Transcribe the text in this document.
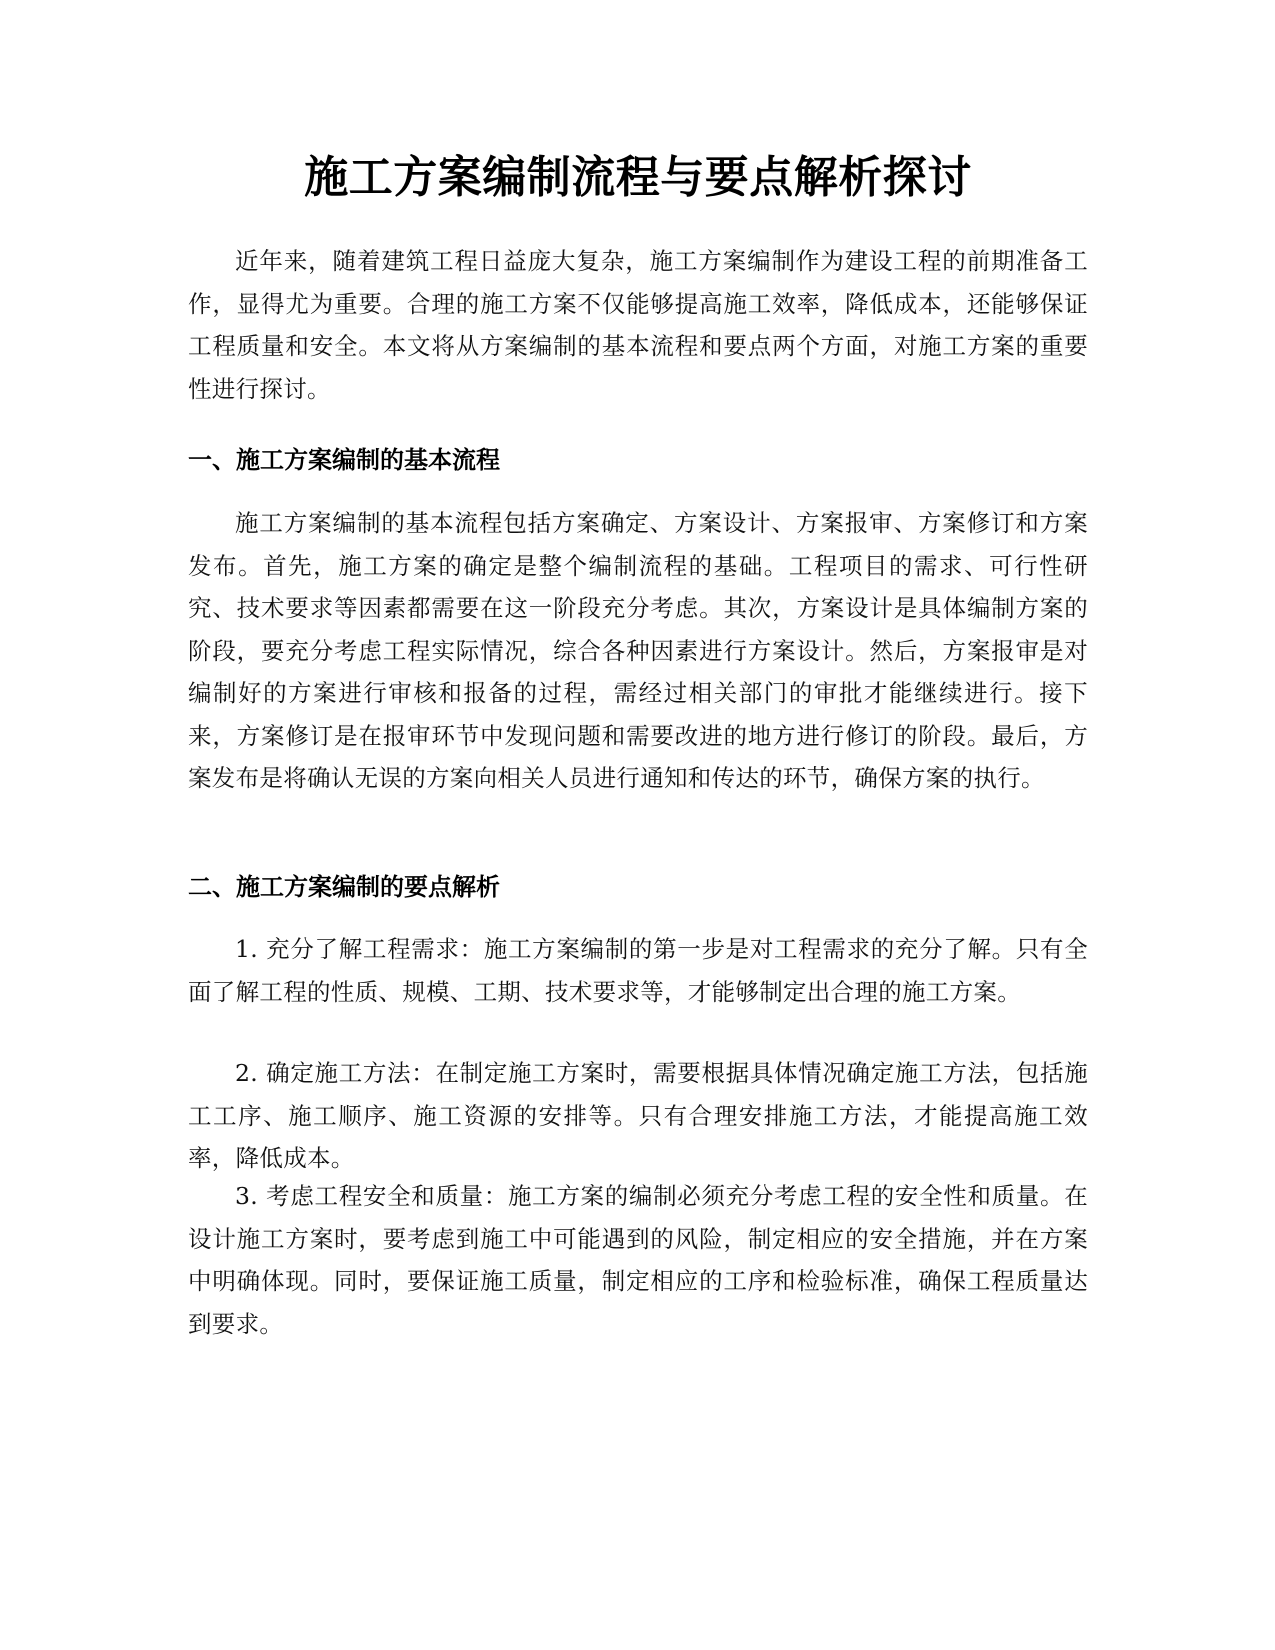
施工方案编制流程与要点解析探讨

近年来，随着建筑工程日益庞大复杂，施工方案编制作为建设工程的前期准备工作，显得尤为重要。合理的施工方案不仅能够提高施工效率，降低成本，还能够保证工程质量和安全。本文将从方案编制的基本流程和要点两个方面，对施工方案的重要性进行探讨。

一、施工方案编制的基本流程

施工方案编制的基本流程包括方案确定、方案设计、方案报审、方案修订和方案发布。首先，施工方案的确定是整个编制流程的基础。工程项目的需求、可行性研究、技术要求等因素都需要在这一阶段充分考虑。其次，方案设计是具体编制方案的阶段，要充分考虑工程实际情况，综合各种因素进行方案设计。然后，方案报审是对编制好的方案进行审核和报备的过程，需经过相关部门的审批才能继续进行。接下来，方案修订是在报审环节中发现问题和需要改进的地方进行修订的阶段。最后，方案发布是将确认无误的方案向相关人员进行通知和传达的环节，确保方案的执行。

二、施工方案编制的要点解析

1. 充分了解工程需求：施工方案编制的第一步是对工程需求的充分了解。只有全面了解工程的性质、规模、工期、技术要求等，才能够制定出合理的施工方案。

2. 确定施工方法：在制定施工方案时，需要根据具体情况确定施工方法，包括施工工序、施工顺序、施工资源的安排等。只有合理安排施工方法，才能提高施工效率，降低成本。

3. 考虑工程安全和质量：施工方案的编制必须充分考虑工程的安全性和质量。在设计施工方案时，要考虑到施工中可能遇到的风险，制定相应的安全措施，并在方案中明确体现。同时，要保证施工质量，制定相应的工序和检验标准，确保工程质量达到要求。
